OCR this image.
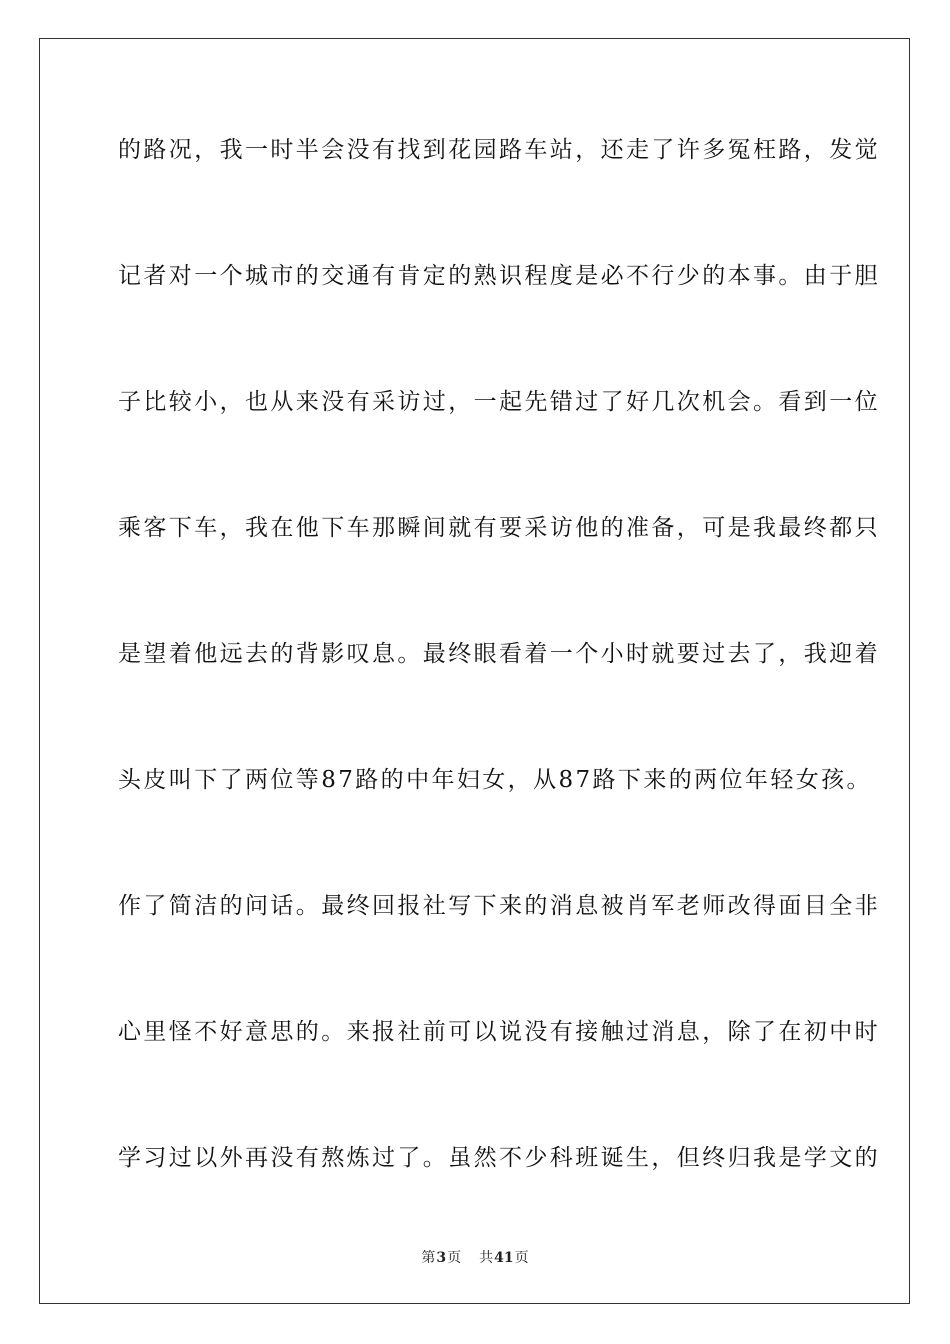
的路况，我一时半会没有找到花园路车站，还走了许多冤枉路，发觉
记者对一个城市的交通有肯定的熟识程度是必不行少的本事。由于胆
子比较小，也从来没有采访过，一起先错过了好几次机会。看到一位
乘客下车，我在他下车那瞬间就有要采访他的准备，可是我最终都只
是望着他远去的背影叹息。最终眼看着一个小时就要过去了，我迎着
头皮叫下了两位等87路的中年妇女，从87路下来的两位年轻女孩。
作了简洁的问话。最终回报社写下来的消息被肖军老师改得面目全非
心里怪不好意思的。来报社前可以说没有接触过消息，除了在初中时
学习过以外再没有熬炼过了。虽然不少科班诞生，但终归我是学文的
第3页 共41页
